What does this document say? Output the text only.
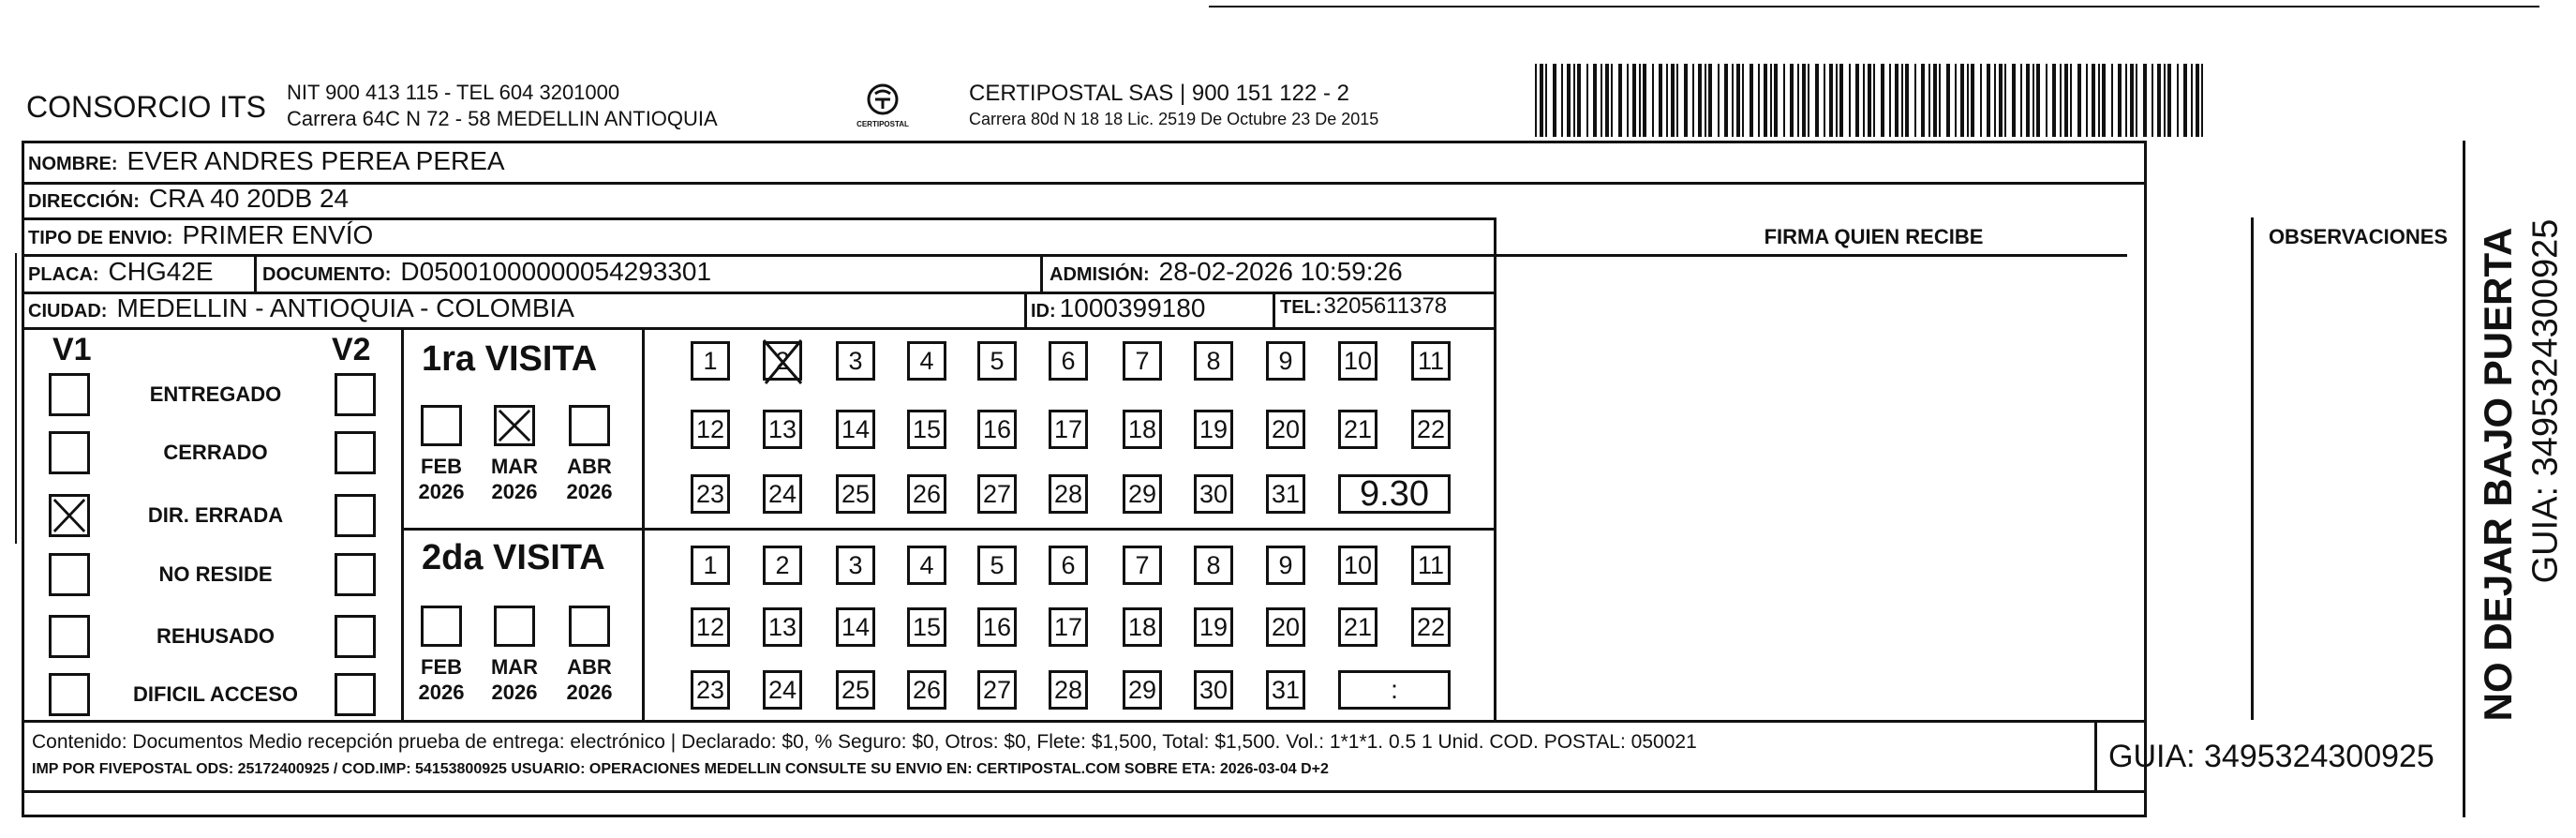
CONSORCIO ITS NIT 900 413 115 - TEL 604 3201000
Carrera 64C N 72 - 58 MEDELLIN ANTIOQUIA	CERTIPOSTAL
CERTIPOSTAL SAS | 900 151 122 - 2
Carrera 80d N 18 18 Lic. 2519 De Octubre 23 De 2015
NOMBRE: EVER ANDRES PEREA PEREA
DIRECCIÓN: CRA 40 20DB 24
TIPO DE ENVIO: PRIMER ENVÍO
PLACA: CHG42E	DOCUMENTO: D05001000000054293301	ADMISIÓN: 28-02-2026 10:59:26
CIUDAD: MEDELLIN - ANTIOQUIA - COLOMBIA	ID: 1000399180	TEL: 3205611378
FIRMA QUIEN RECIBE	OBSERVACIONES
V1	V2
ENTREGADO
CERRADO
DIR. ERRADA
NO RESIDE
REHUSADO
DIFICIL ACCESO
1ra VISITA
FEB
2026
MAR
2026
ABR
2026
1 2 3 4 5 6 7 8 9 10 11
12 13 14 15 16 17 18 19 20 21 22
23 24 25 26 27 28 29 30 31 9.30
2da VISITA
FEB
2026
MAR
2026
ABR
2026
1 2 3 4 5 6 7 8 9 10 11
12 13 14 15 16 17 18 19 20 21 22
23 24 25 26 27 28 29 30 31	:
Contenido: Documentos Medio recepción prueba de entrega: electrónico | Declarado: $0, % Seguro: $0, Otros: $0, Flete: $1,500, Total: $1,500. Vol.: 1*1*1. 0.5 1 Unid. COD. POSTAL: 050021
IMP POR FIVEPOSTAL ODS: 25172400925 / COD.IMP: 54153800925 USUARIO: OPERACIONES MEDELLIN CONSULTE SU ENVIO EN: CERTIPOSTAL.COM SOBRE ETA: 2026-03-04 D+2	GUIA: 3495324300925
NO DEJAR BAJO PUERTA GUIA: 3495324300925
